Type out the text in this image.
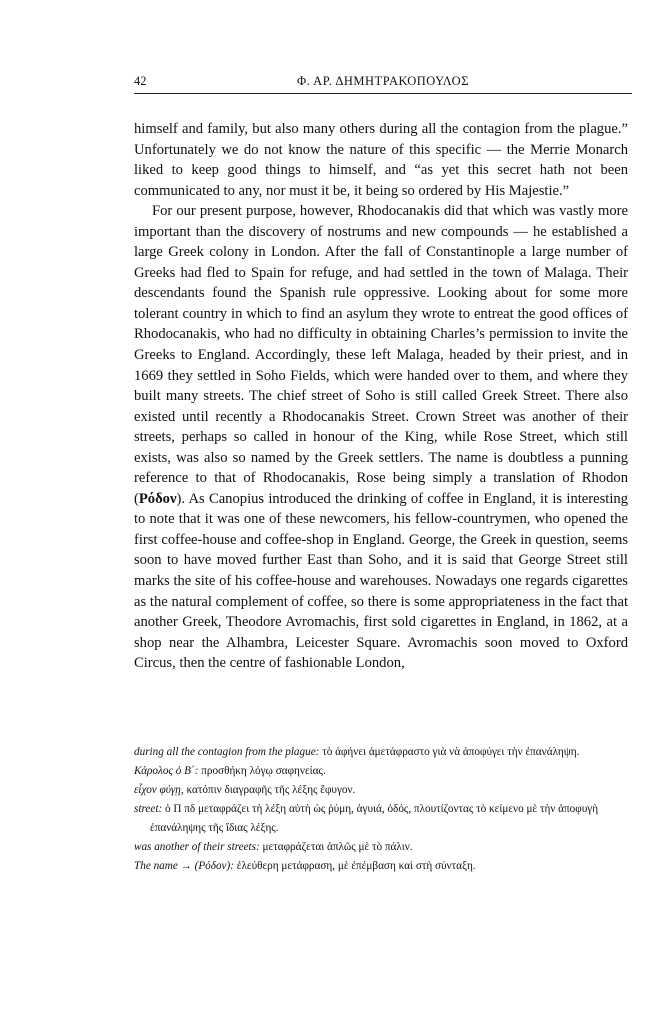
42	Φ. ΑΡ. ΔΗΜΗΤΡΑΚΟΠΟΥΛΟΣ

himself and family, but also many others during all the contagion from the plague.” Unfortunately we do not know the nature of this specific — the Merrie Monarch liked to keep good things to himself, and “as yet this secret hath not been communicated to any, nor must it be, it being so ordered by His Majestie.”

For our present purpose, however, Rhodocanakis did that which was vastly more important than the discovery of nostrums and new compounds — he established a large Greek colony in London. After the fall of Constantinople a large number of Greeks had fled to Spain for refuge, and had settled in the town of Malaga. Their descendants found the Spanish rule oppressive. Looking about for some more tolerant country in which to find an asylum they wrote to entreat the good offices of Rhodocanakis, who had no difficulty in obtaining Charles’s permission to invite the Greeks to England. Accordingly, these left Malaga, headed by their priest, and in 1669 they settled in Soho Fields, which were handed over to them, and where they built many streets. The chief street of Soho is still called Greek Street. There also existed until recently a Rhodocanakis Street. Crown Street was another of their streets, perhaps so called in honour of the King, while Rose Street, which still exists, was also so named by the Greek settlers. The name is doubtless a punning reference to that of Rhodocanakis, Rose being simply a translation of Rhodon (Ρόδον). As Canopius introduced the drinking of coffee in England, it is interesting to note that it was one of these newcomers, his fellow-countrymen, who opened the first coffee-house and coffee-shop in England. George, the Greek in question, seems soon to have moved further East than Soho, and it is said that George Street still marks the site of his coffee-house and warehouses. Nowadays one regards cigarettes as the natural complement of coffee, so there is some appropriateness in the fact that another Greek, Theodore Avromachis, first sold cigarettes in England, in 1862, at a shop near the Alhambra, Leicester Square. Avromachis soon moved to Oxford Circus, then the centre of fashionable London,

during all the contagion from the plague: τὸ ἀφήνει ἀμετάφραστο γιὰ νὰ ἀποφύγει τὴν ἐπανάληψη.

Κάρολος ὁ Β΄: προσθήκη λόγῳ σαφηνείας.

εἶχον φύγῃ, κατόπιν διαγραφῆς τῆς λέξης ἔφυγον.

street: ὁ Π πδ μεταφράζει τὴ λέξη αὐτὴ ὡς ῥύμη, ἀγυιά, ὁδός, πλουτίζοντας τὸ κείμενο μὲ τὴν ἀποφυγὴ ἐπανάληψης τῆς ἴδιας λέξης.

was another of their streets: μεταφράζεται ἁπλῶς μὲ τὸ πάλιν.

The name → (Ρόδον): ἐλεύθερη μετάφραση, μὲ ἐπέμβαση καὶ στὴ σύνταξη.
